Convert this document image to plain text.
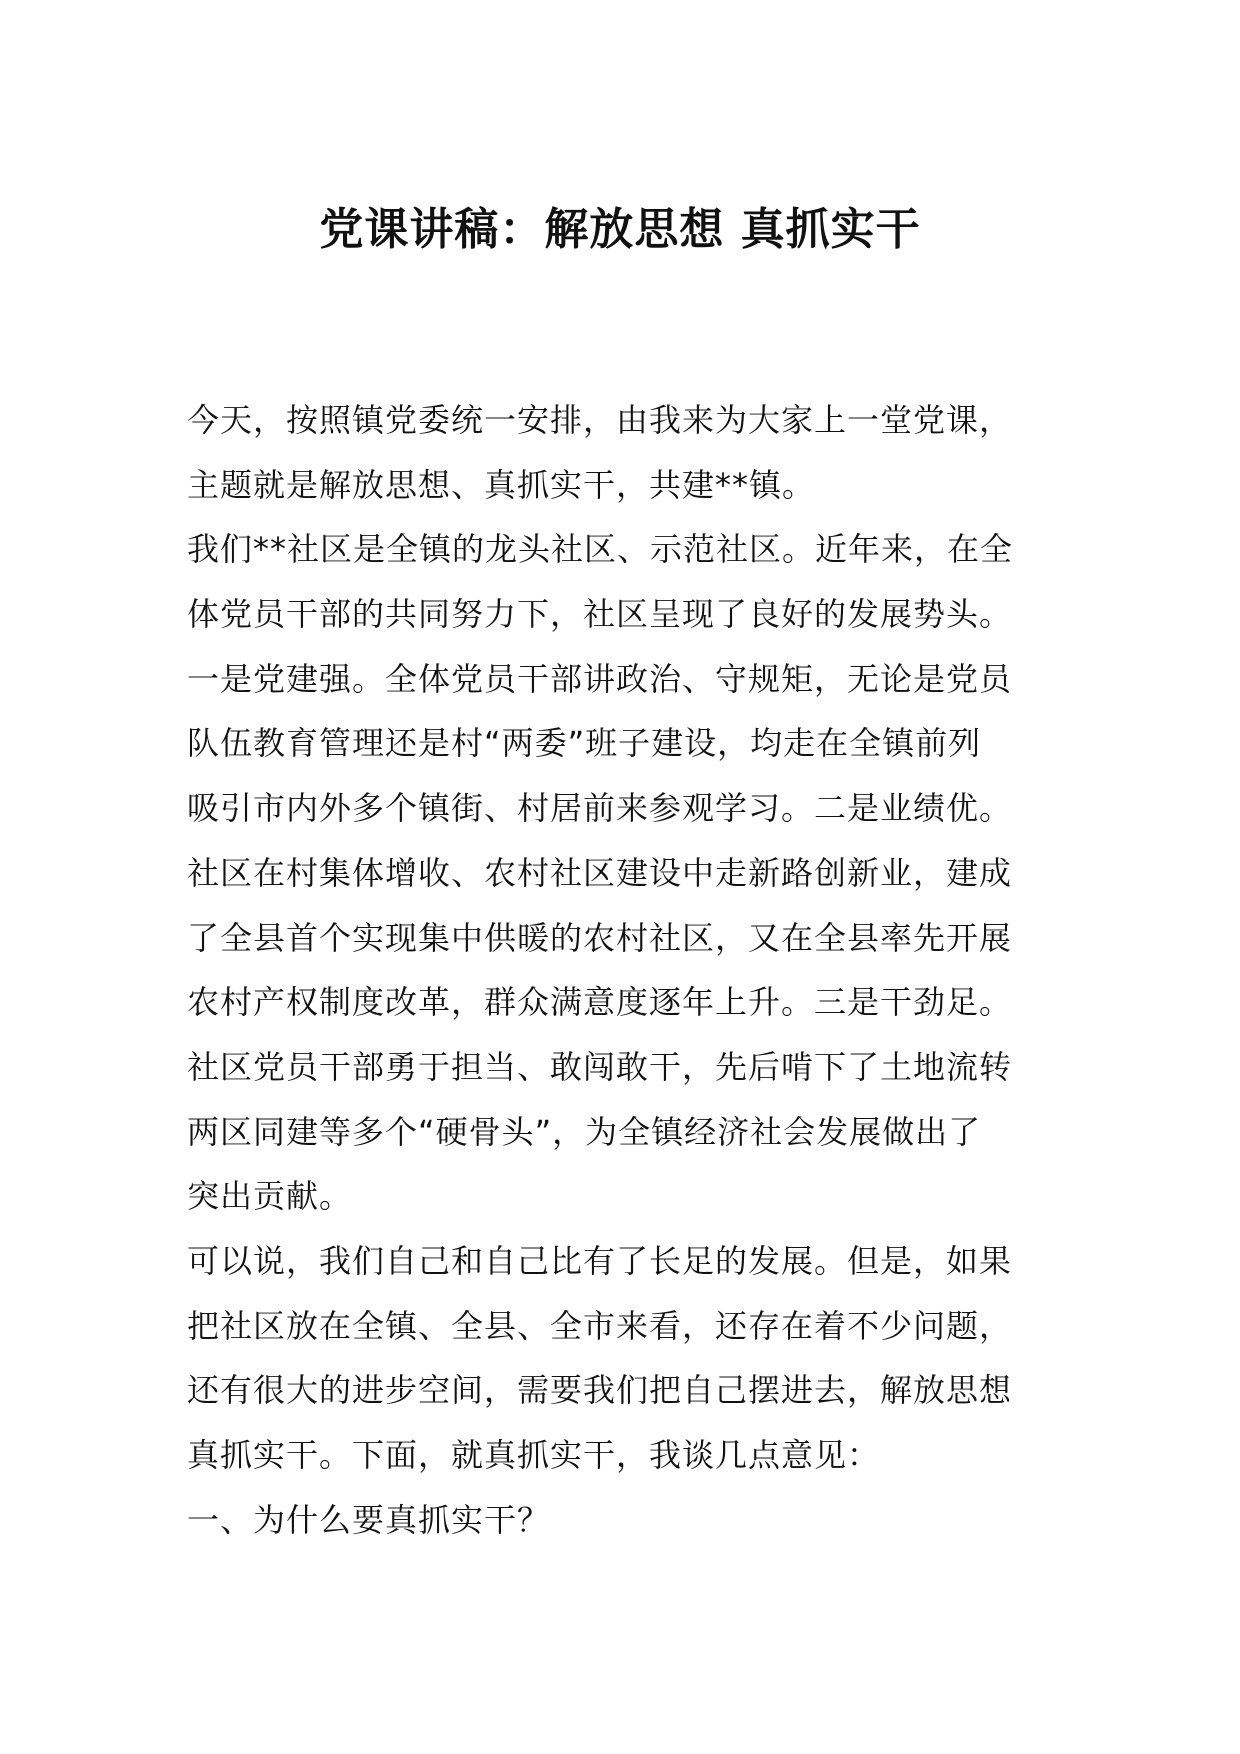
党课讲稿：解放思想 真抓实干
今天，按照镇党委统一安排，由我来为大家上一堂党课，
主题就是解放思想、真抓实干，共建**镇。
我们**社区是全镇的龙头社区、示范社区。近年来，在全
体党员干部的共同努力下，社区呈现了良好的发展势头。
一是党建强。全体党员干部讲政治、守规矩，无论是党员
队伍教育管理还是村“两委”班子建设，均走在全镇前列
吸引市内外多个镇街、村居前来参观学习。二是业绩优。
社区在村集体增收、农村社区建设中走新路创新业，建成
了全县首个实现集中供暖的农村社区，又在全县率先开展
农村产权制度改革，群众满意度逐年上升。三是干劲足。
社区党员干部勇于担当、敢闯敢干，先后啃下了土地流转
两区同建等多个“硬骨头”，为全镇经济社会发展做出了
突出贡献。
可以说，我们自己和自己比有了长足的发展。但是，如果
把社区放在全镇、全县、全市来看，还存在着不少问题，
还有很大的进步空间，需要我们把自己摆进去，解放思想
真抓实干。下面，就真抓实干，我谈几点意见：
一、为什么要真抓实干？
